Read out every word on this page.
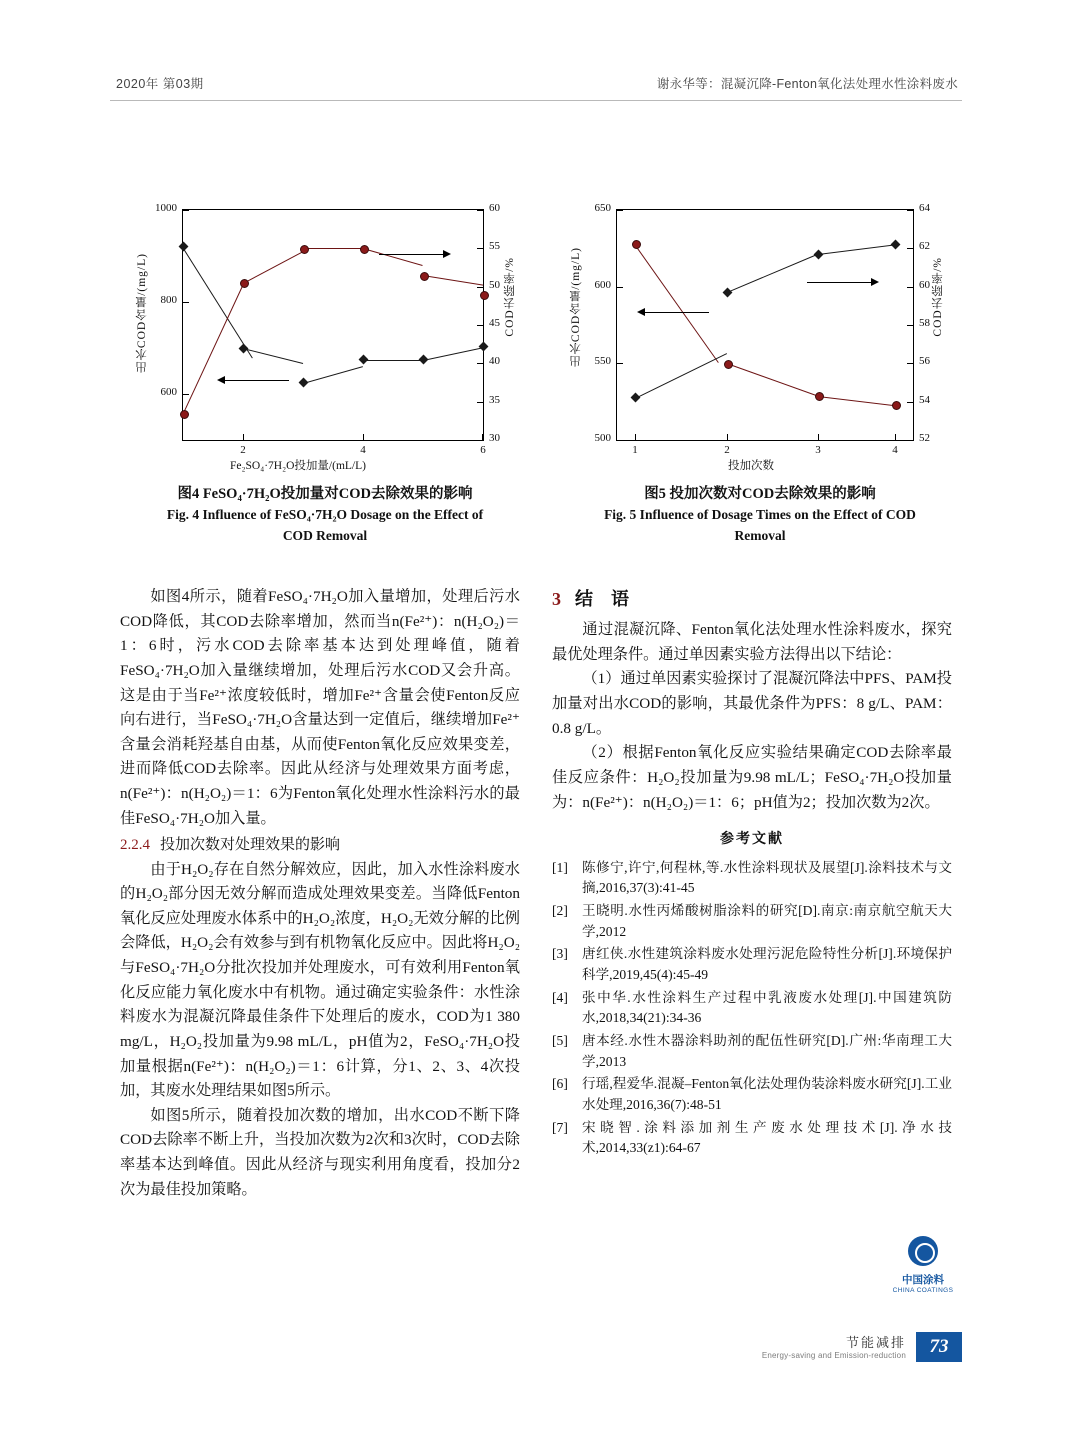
2020年 第03期	谢永华等：混凝沉降-Fenton氧化法处理水性涂料废水
出水COD含量/(mg/L)	COD去除率/%
1000
800
600
60
55
50
45
40
35
30
2	4	6
Fe₂SO₄·7H₂O投加量/(mL/L)
图4 FeSO₄·7H₂O投加量对COD去除效果的影响
Fig. 4 Influence of FeSO₄·7H₂O Dosage on the Effect of
COD Removal
出水COD含量/(mg/L)	COD去除率/%
650
600
550
500
64
62
60
58
56
54
52
1	2	3	4
投加次数
图5 投加次数对COD去除效果的影响
Fig. 5 Influence of Dosage Times on the Effect of COD
Removal

如图4所示，随着FeSO₄·7H₂O加入量增加，处理后污水COD降低，其COD去除率增加，然而当n(Fe²⁺)：n(H₂O₂)＝1：6时，污水COD去除率基本达到处理峰值，随着FeSO₄·7H₂O加入量继续增加，处理后污水COD又会升高。这是由于当Fe²⁺浓度较低时，增加Fe²⁺含量会使Fenton反应向右进行，当FeSO₄·7H₂O含量达到一定值后，继续增加Fe²⁺含量会消耗羟基自由基，从而使Fenton氧化反应效果变差，进而降低COD去除率。因此从经济与处理效果方面考虑，n(Fe²⁺)：n(H₂O₂)＝1：6为Fenton氧化处理水性涂料污水的最佳FeSO₄·7H₂O加入量。

2.2.4 投加次数对处理效果的影响

由于H₂O₂存在自然分解效应，因此，加入水性涂料废水的H₂O₂部分因无效分解而造成处理效果变差。当降低Fenton氧化反应处理废水体系中的H₂O₂浓度，H₂O₂无效分解的比例会降低，H₂O₂会有效参与到有机物氧化反应中。因此将H₂O₂与FeSO₄·7H₂O分批次投加并处理废水，可有效利用Fenton氧化反应能力氧化废水中有机物。通过确定实验条件：水性涂料废水为混凝沉降最佳条件下处理后的废水，COD为1 380 mg/L，H₂O₂投加量为9.98 mL/L，pH值为2，FeSO₄·7H₂O投加量根据n(Fe²⁺)：n(H₂O₂)＝1：6计算，分1、2、3、4次投加，其废水处理结果如图5所示。

如图5所示，随着投加次数的增加，出水COD不断下降COD去除率不断上升，当投加次数为2次和3次时，COD去除率基本达到峰值。因此从经济与现实利用角度看，投加分2次为最佳投加策略。

3 结　语

通过混凝沉降、Fenton氧化法处理水性涂料废水，探究最优处理条件。通过单因素实验方法得出以下结论：

（1）通过单因素实验探讨了混凝沉降法中PFS、PAM投加量对出水COD的影响，其最优条件为PFS：8 g/L、PAM：0.8 g/L。

（2）根据Fenton氧化反应实验结果确定COD去除率最佳反应条件：H₂O₂投加量为9.98 mL/L；FeSO₄·7H₂O投加量为：n(Fe²⁺)：n(H₂O₂)＝1：6；pH值为2；投加次数为2次。

参考文献

[1]	陈修宁,许宁,何程林,等.水性涂料现状及展望[J].涂料技术与文摘,2016,37(3):41-45
[2]	王晓明.水性丙烯酸树脂涂料的研究[D].南京:南京航空航天大学,2012
[3]	唐红侠.水性建筑涂料废水处理污泥危险特性分析[J].环境保护科学,2019,45(4):45-49
[4]	张中华.水性涂料生产过程中乳液废水处理[J].中国建筑防水,2018,34(21):34-36
[5]	唐本经.水性木器涂料助剂的配伍性研究[D].广州:华南理工大学,2013
[6]	行瑶,程爱华.混凝–Fenton氧化法处理伪装涂料废水研究[J].工业水处理,2016,36(7):48-51
[7]	宋晓智.涂料添加剂生产废水处理技术[J].净水技术,2014,33(z1):64-67
中国涂料
CHINA COATINGS
节能减排
Energy-saving and Emission-reduction	73
